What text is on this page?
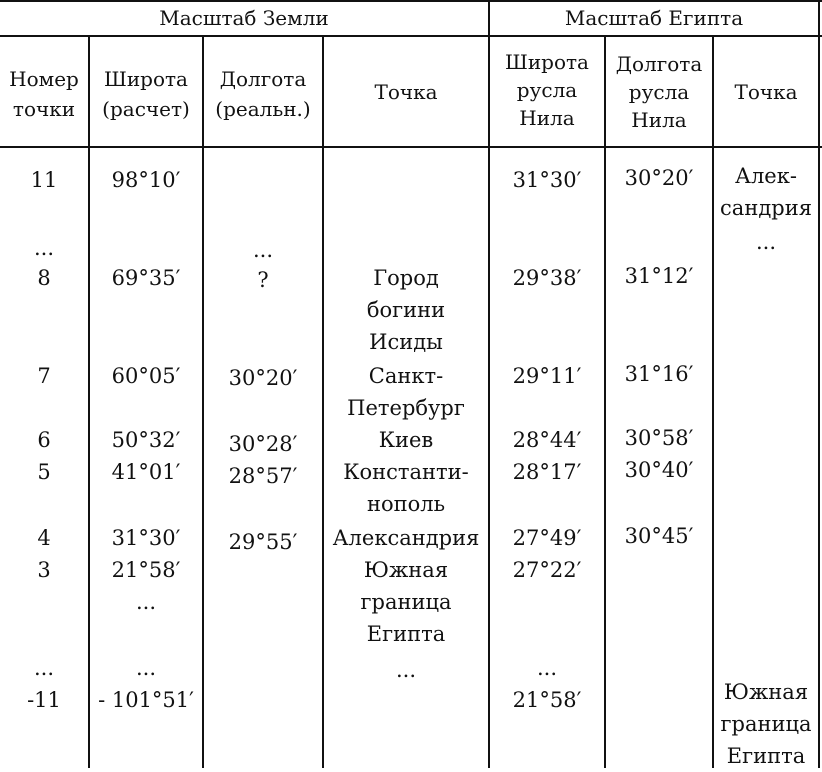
Масштаб Земли	Масштаб Египта
Номер
точки
Широта
(расчет)
Долгота
(реальн.)
Точка
Широта
русла
Нила
Долгота
русла
Нила
Точка
11
...
8
7
6
5
4
3
...
-11
98°10′
69°35′
60°05′
50°32′
41°01′
31°30′
21°58′
...
...
- 101°51′
...
?
30°20′
30°28′
28°57′
29°55′
Город
богини
Исиды
Санкт-
Петербург
Киев
Константи-
нополь
Александрия
Южная
граница
Египта
...
31°30′
29°38′
29°11′
28°44′
28°17′
27°49′
27°22′
...
21°58′
30°20′
31°12′
31°16′
30°58′
30°40′
30°45′
Алек-
сандрия
...
Южная
граница
Египта
